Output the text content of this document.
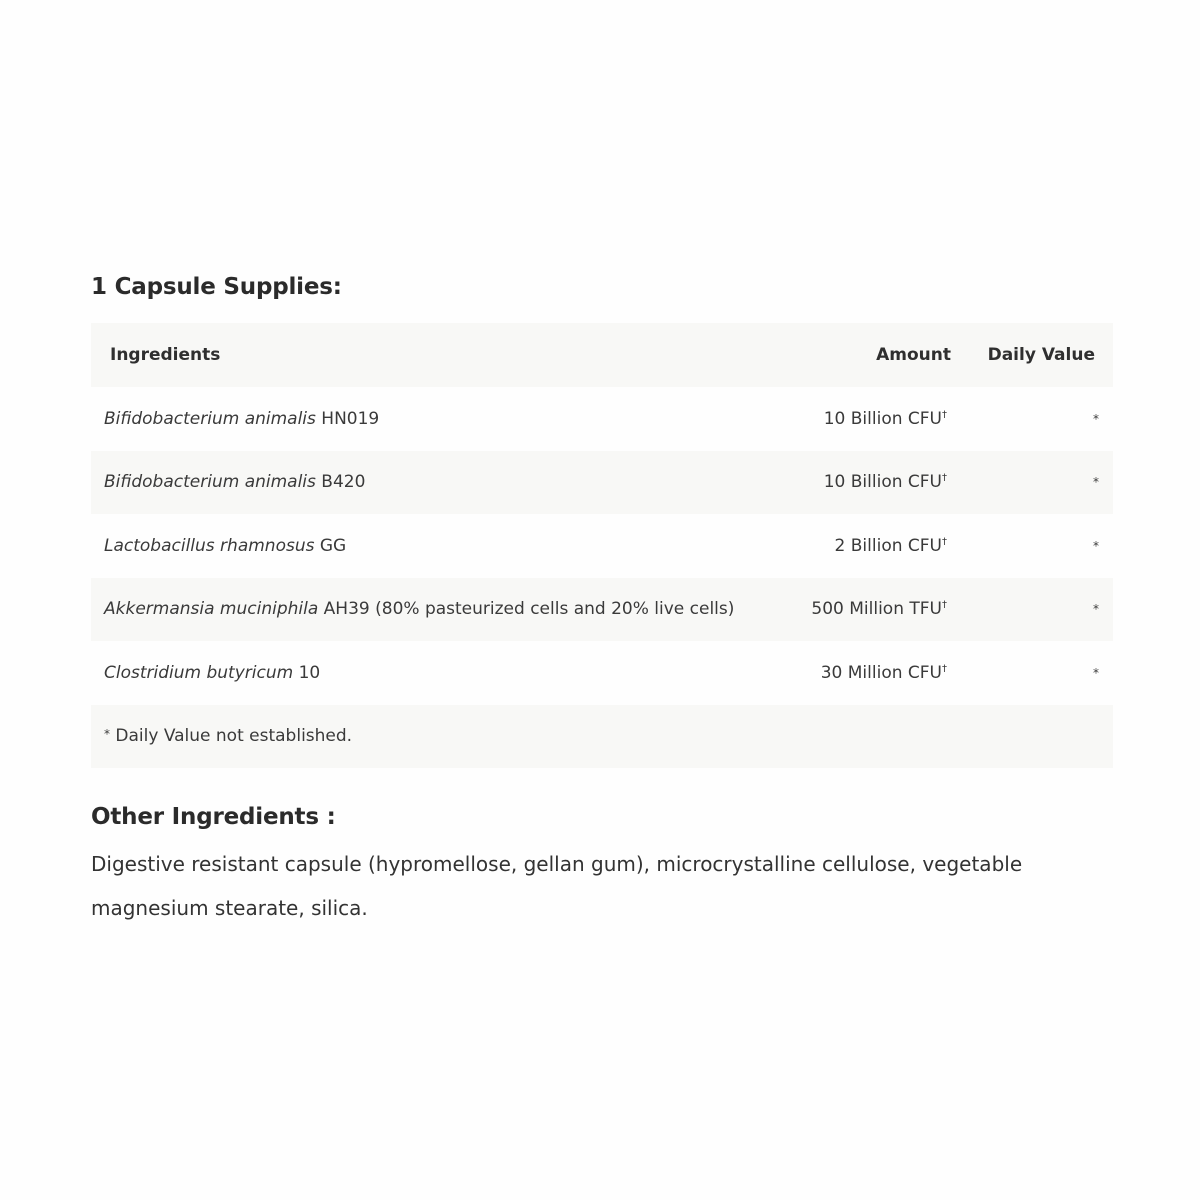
1 Capsule Supplies:
Ingredients	Amount	Daily Value
Bifidobacterium animalis HN019	10 Billion CFU†	*
Bifidobacterium animalis B420	10 Billion CFU†	*
Lactobacillus rhamnosus GG	2 Billion CFU†	*
Akkermansia muciniphila AH39 (80% pasteurized cells and 20% live cells)	500 Million TFU†	*
Clostridium butyricum 10	30 Million CFU†	*
* Daily Value not established.		
Other Ingredients :

Digestive resistant capsule (hypromellose, gellan gum), microcrystalline cellulose, vegetable
magnesium stearate, silica.
